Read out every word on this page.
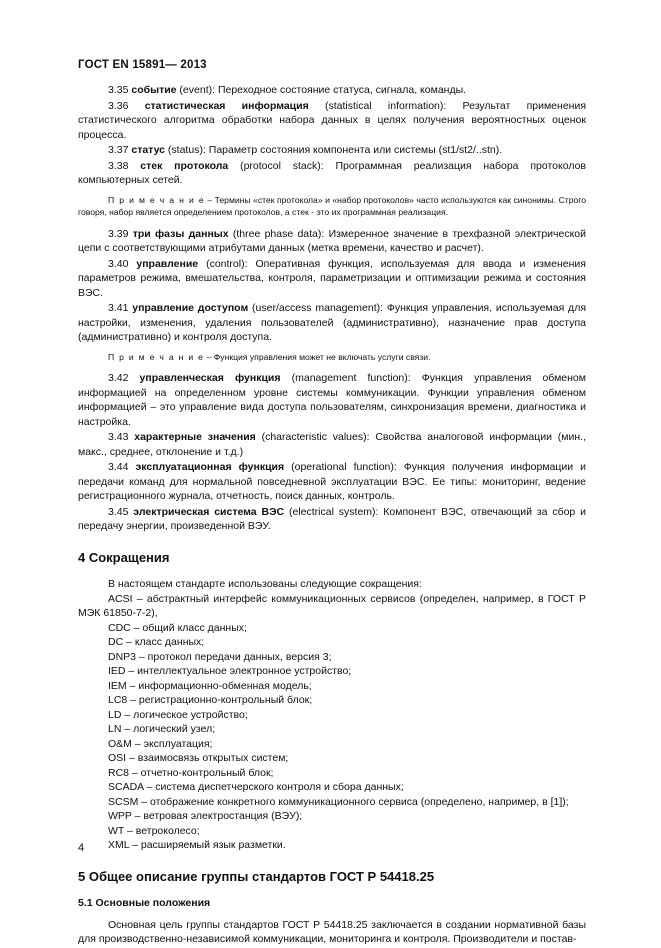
ГОСТ EN 15891— 2013

3.35 событие (event): Переходное состояние статуса, сигнала, команды.

3.36 статистическая информация (statistical information): Результат применения статистического алгоритма обработки набора данных в целях получения вероятностных оценок процесса.

3.37 статус (status): Параметр состояния компонента или системы (st1/st2/..stn).

3.38 стек протокола (protocol stack): Программная реализация набора протоколов компьютерных сетей.

П р и м е ч а н и е – Термины «стек протокола» и «набор протоколов» часто используются как синонимы. Строго говоря, набор является определением протоколов, а стек - это их программная реализация.

3.39 три фазы данных (three phase data): Измеренное значение в трехфазной электрической цепи с соответствующими атрибутами данных (метка времени, качество и расчет).

3.40 управление (control): Оперативная функция, используемая для ввода и изменения параметров режима, вмешательства, контроля, параметризации и оптимизации режима и состояния ВЭС.

3.41 управление доступом (user/access management): Функция управления, используемая для настройки, изменения, удаления пользователей (административно), назначение прав доступа (административно) и контроля доступа.

П р и м е ч а н и е – Функция управления может не включать услуги связи.

3.42 управленческая функция (management function): Функция управления обменом информацией на определенном уровне системы коммуникации. Функции управления обменом информацией – это управление вида доступа пользователям, синхронизация времени, диагностика и настройка.

3.43 характерные значения (characteristic values): Свойства аналоговой информации (мин., макс., среднее, отклонение и т.д.)

3.44 эксплуатационная функция (operational function): Функция получения информации и передачи команд для нормальной повседневной эксплуатации ВЭС. Ее типы: мониторинг, ведение регистрационного журнала, отчетность, поиск данных, контроль.

3.45 электрическая система ВЭС (electrical system): Компонент ВЭС, отвечающий за сбор и передачу энергии, произведенной ВЭУ.

4 Сокращения

В настоящем стандарте использованы следующие сокращения:

ACSI – абстрактный интерфейс коммуникационных сервисов (определен, например, в ГОСТ Р МЭК 61850-7-2),

CDC – общий класс данных;

DC – класс данных;

DNP3 – протокол передачи данных, версия 3;

IED – интеллектуальное электронное устройство;

IEM – информационно-обменная модель;

LC8 – регистрационно-контрольный блок;

LD – логическое устройство;

LN – логический узел;

O&M – эксплуатация;

OSI – взаимосвязь открытых систем;

RC8 – отчетно-контрольный блок;

SCADA – система диспетчерского контроля и сбора данных;

SCSM – отображение конкретного коммуникационного сервиса (определено, например, в [1]);

WPP – ветровая электростанция (ВЭУ);

WT – ветроколесо;

XML – расширяемый язык разметки.

5 Общее описание группы стандартов ГОСТ Р 54418.25
5.1 Основные положения

Основная цель группы стандартов ГОСТ Р 54418.25 заключается в создании нормативной базы для производственно-независимой коммуникации, мониторинга и контроля. Производители и постав-

4
